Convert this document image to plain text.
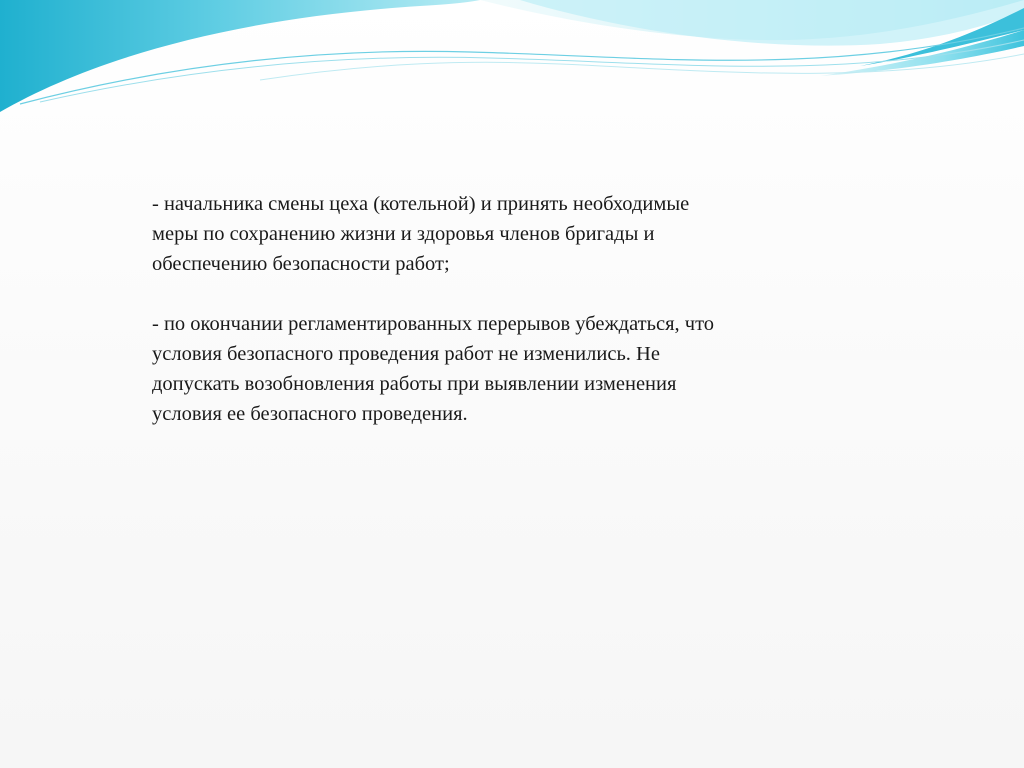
- начальника смены цеха (котельной) и принять необходимые
меры по сохранению жизни и здоровья членов бригады и
обеспечению безопасности работ;

- по окончании регламентированных перерывов убеждаться, что
условия безопасного проведения работ не изменились. Не
допускать возобновления работы при выявлении изменения
условия ее безопасного проведения.
